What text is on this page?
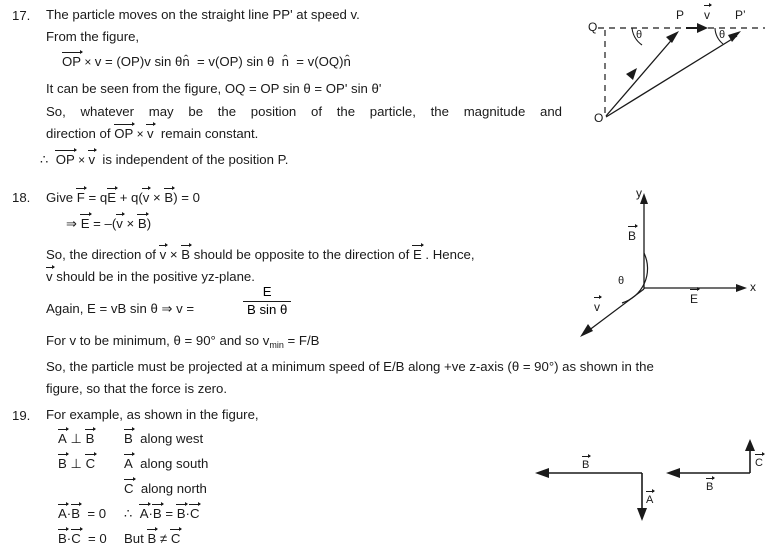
17. The particle moves on the straight line PP' at speed v.
From the figure,
OP × v = (OP)v sin θn̂  = v(OP) sin θ  n̂  = v(OQ)n̂
It can be seen from the figure, OQ = OP sin θ = OP' sin θ'
So, whatever may be the position of the particle, the magnitude and
direction of OP × v remain constant.
∴ OP × v is independent of the position P.
Q
P	P’
O
v
θ	θ
18. Give F = qE + q(v × B) = 0
⇒ E = –(v × B)
So, the direction of v × B should be opposite to the direction of E . Hence,
v should be in the positive yz-plane.
Again, E = vB sin θ ⇒ v =
E
B sin θ
For v to be minimum, θ = 90° and so $v_{min} = F/B$
So, the particle must be projected at a minimum speed of E/B along +ve z-axis (θ = 90°) as shown in the
figure, so that the force is zero.
y
x
B
E
v
θ
19. For example, as shown in the figure,
A ⊥ B B  along west
B ⊥ C A  along south
C  along north
A·B  = 0 ∴  A·B = B·C
B·C  = 0 But B ≠ C
B
A
B
C
